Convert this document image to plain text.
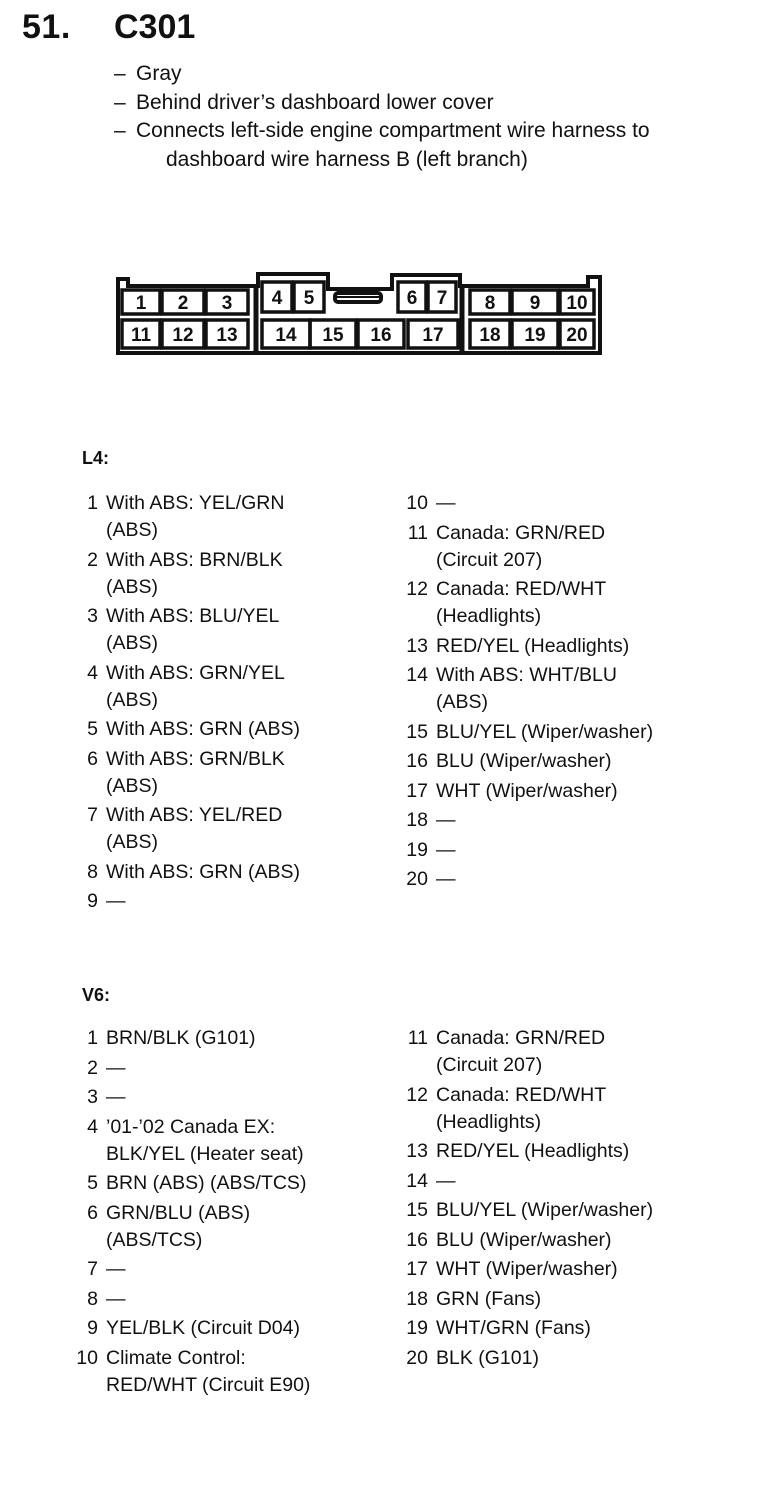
51. C301
– Gray
– Behind driver’s dashboard lower cover
– Connects left-side engine compartment wire harness to dashboard wire harness B (left branch)
1 2 3 4 5	6 7 8 9 10
11 12 13 14 15 16 17 18 19 20
L4:
1 With ABS: YEL/GRN
(ABS)
2 With ABS: BRN/BLK
(ABS)
3 With ABS: BLU/YEL
(ABS)
4 With ABS: GRN/YEL
(ABS)
5 With ABS: GRN (ABS)
6 With ABS: GRN/BLK
(ABS)
7 With ABS: YEL/RED
(ABS)
8 With ABS: GRN (ABS)
9 —
10 —
11 Canada: GRN/RED
(Circuit 207)
12 Canada: RED/WHT
(Headlights)
13 RED/YEL (Headlights)
14 With ABS: WHT/BLU
(ABS)
15 BLU/YEL (Wiper/washer)
16 BLU (Wiper/washer)
17 WHT (Wiper/washer)
18 —
19 —
20 —
V6:
1 BRN/BLK (G101)
2 —
3 —
4 ’01-’02 Canada EX:
BLK/YEL (Heater seat)
5 BRN (ABS) (ABS/TCS)
6 GRN/BLU (ABS)
(ABS/TCS)
7 —
8 —
9 YEL/BLK (Circuit D04)
10 Climate Control:
RED/WHT (Circuit E90)
11 Canada: GRN/RED
(Circuit 207)
12 Canada: RED/WHT
(Headlights)
13 RED/YEL (Headlights)
14 —
15 BLU/YEL (Wiper/washer)
16 BLU (Wiper/washer)
17 WHT (Wiper/washer)
18 GRN (Fans)
19 WHT/GRN (Fans)
20 BLK (G101)
